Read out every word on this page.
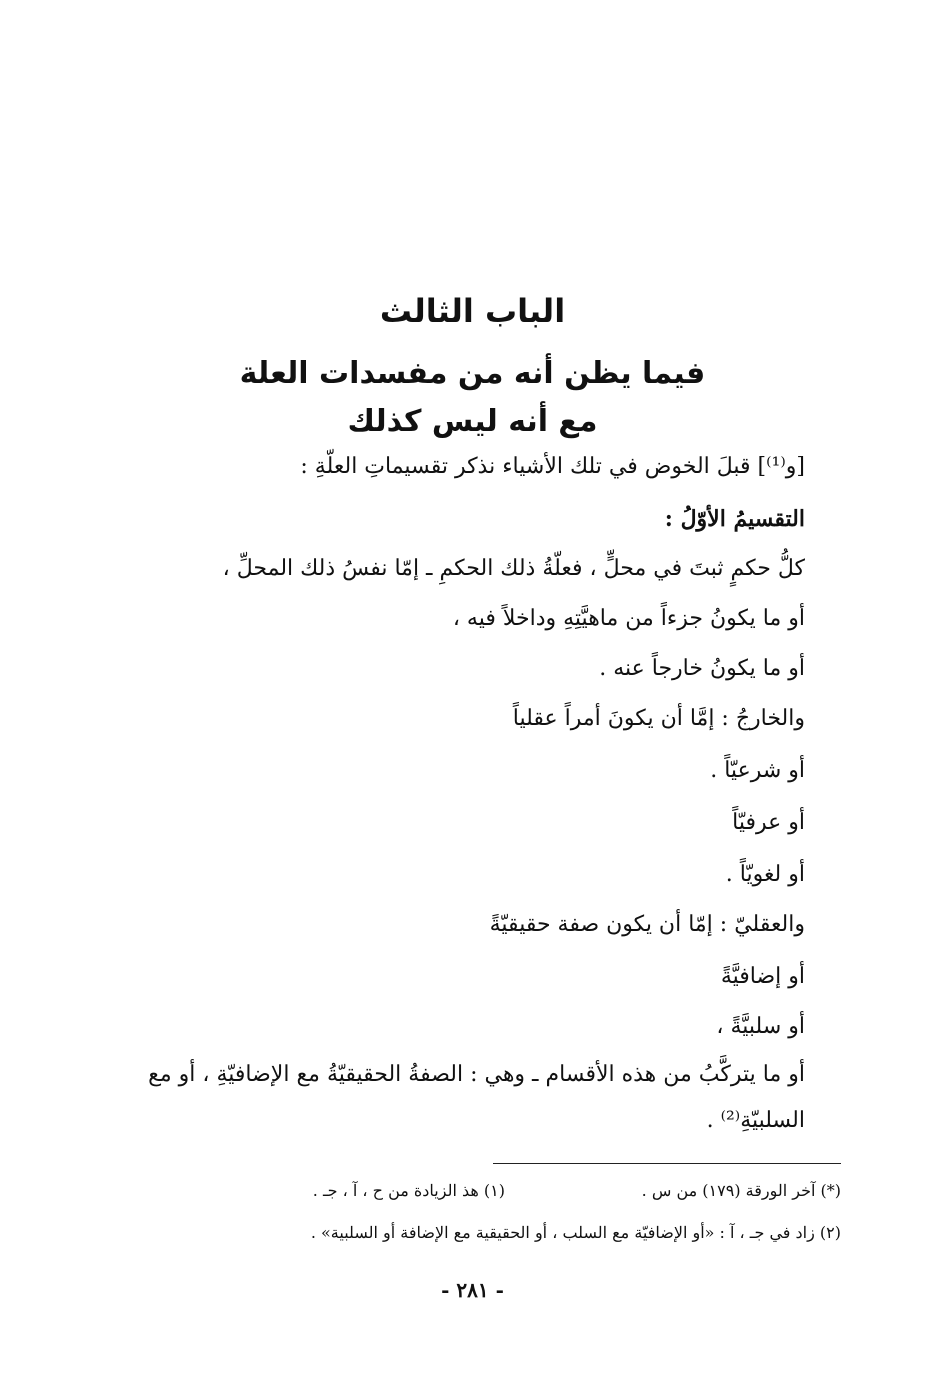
الباب الثالث
فيما يظن أنه من مفسدات العلة
مع أنه ليس كذلك
[و⁽¹⁾] قبلَ الخوض في تلك الأشياء نذكر تقسيماتِ العلّةِ :
التقسيمُ الأوّلُ :
كلُّ حكمٍ ثبتَ في محلٍّ ، فعلّةُ ذلك الحكمِ ـ إمّا نفسُ ذلك المحلِّ ،
أو ما يكونُ جزءاً من ماهيَّتِهِ وداخلاً فيه ،
أو ما يكونُ خارجاً عنه .
والخارجُ : إمَّا أن يكونَ أمراً عقلياً
أو شرعيّاً .
أو عرفيّاً
أو لغويّاً .
والعقليّ : إمّا أن يكون صفة حقيقيّةً
أو إضافيَّةً
أو سلبيَّةً ،
أو ما يتركَّبُ من هذه الأقسام ـ وهي : الصفةُ الحقيقيّةُ مع الإضافيّةِ ، أو مع
السلبيّةِ⁽²⁾ .
(*) آخر الورقة (١٧٩) من س .
(١) هذ الزيادة من ح ، آ ، جـ .
(٢) زاد في جـ ، آ : «أو الإضافيّة مع السلب ، أو الحقيقية مع الإضافة أو السلبية» .
- ٢٨١ -
